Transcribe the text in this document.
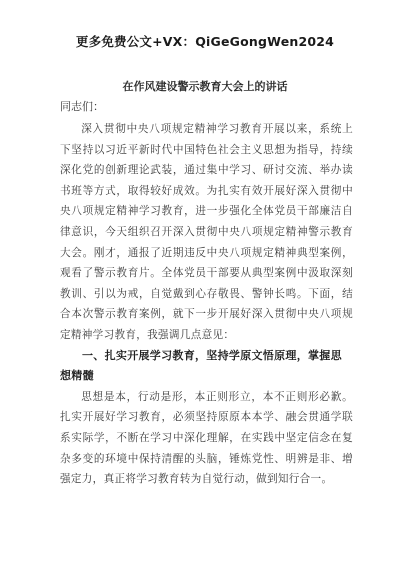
更多免费公文+VX：QiGeGongWen2024
在作风建设警示教育大会上的讲话

同志们：

深入贯彻中央八项规定精神学习教育开展以来，系统上下坚持以习近平新时代中国特色社会主义思想为指导，持续深化党的创新理论武装，通过集中学习、研讨交流、举办读书班等方式，取得较好成效。为扎实有效开展好深入贯彻中央八项规定精神学习教育，进一步强化全体党员干部廉洁自律意识，今天组织召开深入贯彻中央八项规定精神警示教育大会。刚才，通报了近期违反中央八项规定精神典型案例，观看了警示教育片。全体党员干部要从典型案例中汲取深刻教训、引以为戒，自觉戴到心存敬畏、警钟长鸣。下面，结合本次警示教育案例，就下一步开展好深入贯彻中央八项规定精神学习教育，我强调几点意见：

一、扎实开展学习教育，坚持学原文悟原理，掌握思想精髓

思想是本，行动是形，本正则形立，本不正则形必歉。扎实开展好学习教育，必须坚持原原本本学、融会贯通学联系实际学，不断在学习中深化理解，在实践中坚定信念在复杂多变的环境中保持清醒的头脑，锤炼党性、明辨是非、增强定力，真正将学习教育转为自觉行动，做到知行合一。
